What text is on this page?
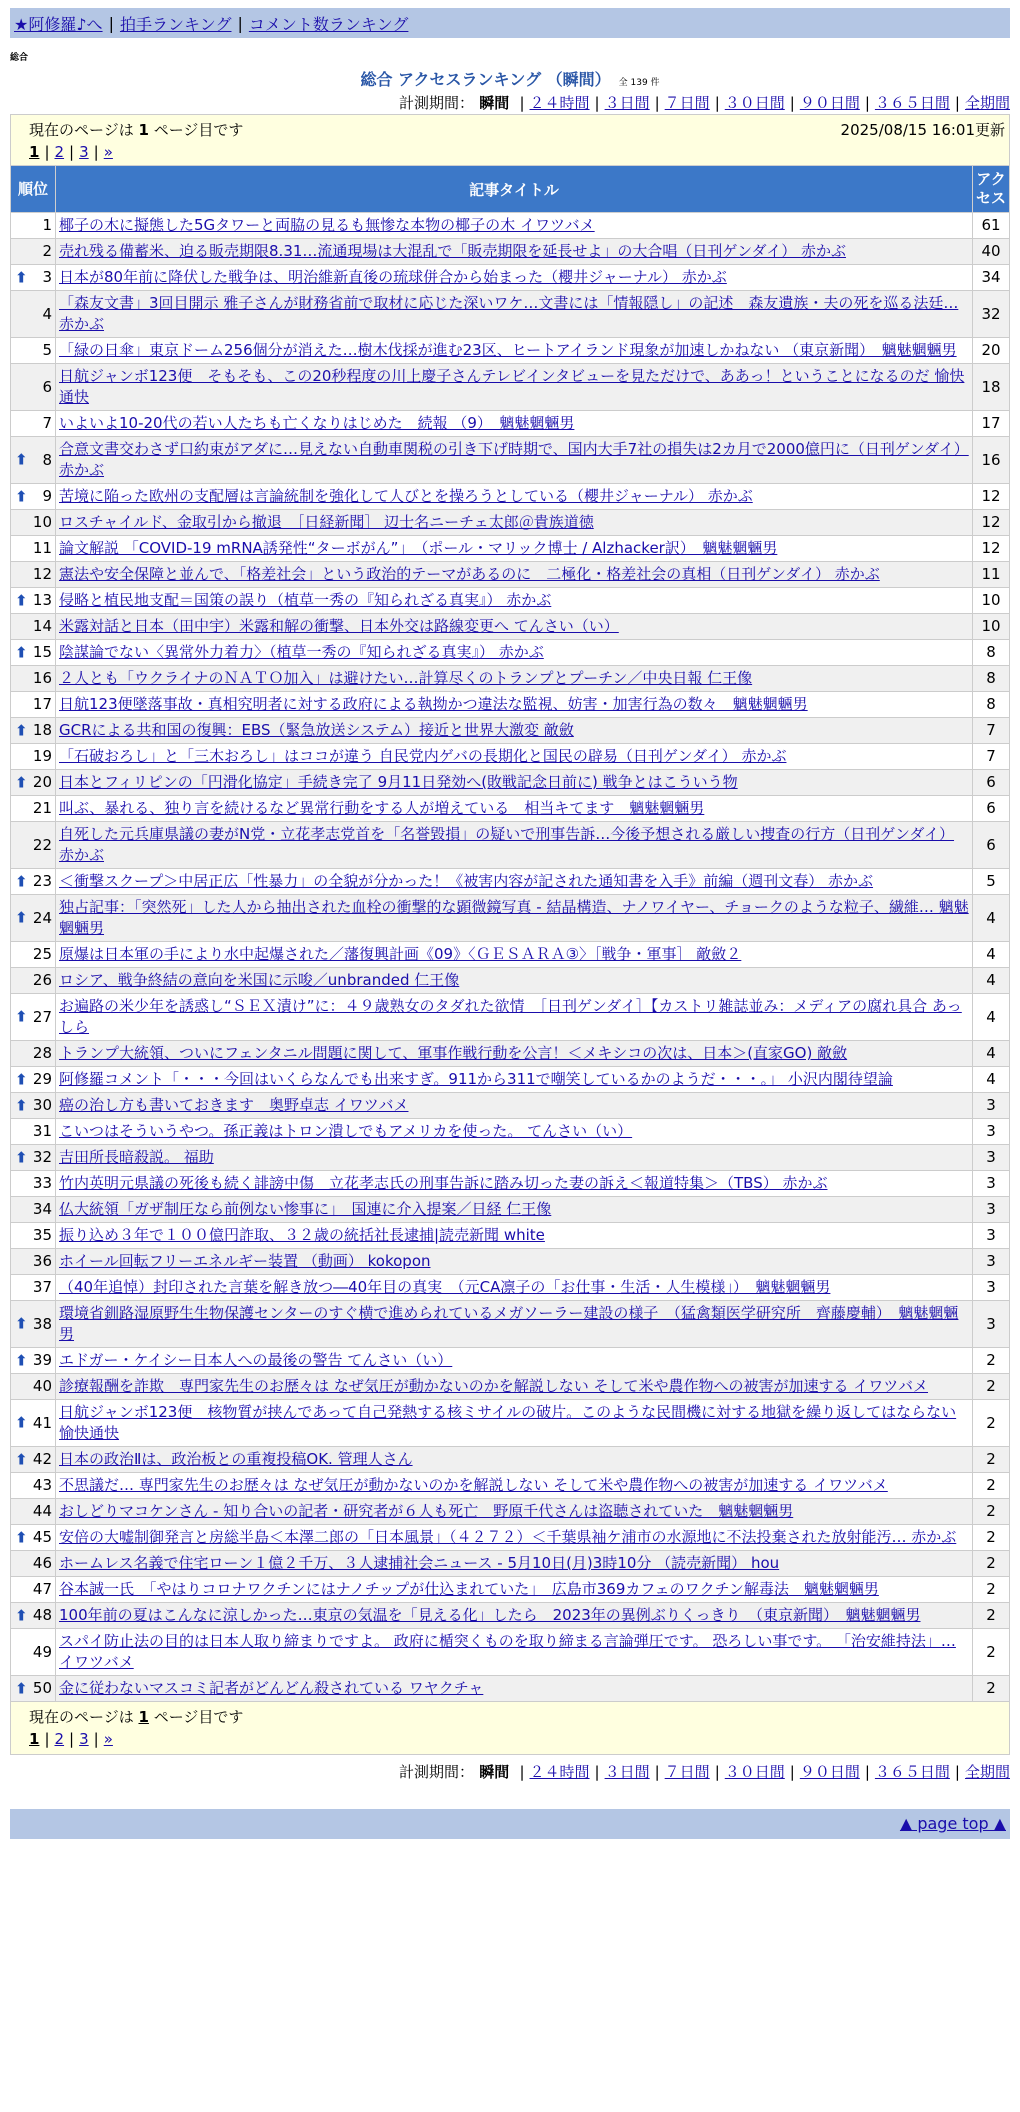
★阿修羅♪へ | 拍手ランキング | コメント数ランキング
総合
総合 アクセスランキング （瞬間） 全 139 件
計測期間： 瞬間 | ２４時間 | ３日間 | ７日間 | ３０日間 | ９０日間 | ３６５日間 | 全期間
現在のページは 1 ページ目です	2025/08/15 16:01更新
1 | 2 | 3 | »
順位	記事タイトル	アク
セス
1	椰子の木に擬態した5Gタワーと両脇の見るも無惨な本物の椰子の木 イワツバメ	61
2	売れ残る備蓄米、迫る販売期限8.31…流通現場は大混乱で「販売期限を延長せよ」の大合唱（日刊ゲンダイ） 赤かぶ	40

⬆ 3	日本が80年前に降伏した戦争は、明治維新直後の琉球併合から始まった（櫻井ジャーナル） 赤かぶ	34
4	「森友文書」3回目開示 雅子さんが財務省前で取材に応じた深いワケ…文書には「情報隠し」の記述　森友遺族・夫の死を巡る法廷… 赤かぶ	32
5	「緑の日傘」東京ドーム256個分が消えた…樹木伐採が進む23区、ヒートアイランド現象が加速しかねない （東京新聞）　魑魅魍魎男	20
6	日航ジャンボ123便　そもそも、この20秒程度の川上慶子さんテレビインタビューを見ただけで、ああっ！ということになるのだ 愉快通快	18
7	いよいよ10-20代の若い人たちも亡くなりはじめた　続報 （9）　魑魅魍魎男	17

⬆ 8	合意文書交わさず口約束がアダに…見えない自動車関税の引き下げ時期で、国内大手7社の損失は2カ月で2000億円に（日刊ゲンダイ） 赤かぶ	16

⬆ 9	苦境に陥った欧州の支配層は言論統制を強化して人びとを操ろうとしている（櫻井ジャーナル） 赤かぶ	12
10	ロスチャイルド、金取引から撤退　［日経新聞］ 辺士名ニーチェ太郎＠貴族道徳	12
11	論文解説 「COVID-19 mRNA誘発性“ターボがん”」　（ポール・マリック博士 / Alzhacker訳）　魑魅魍魎男	12
12	憲法や安全保障と並んで、「格差社会」という政治的テーマがあるのに　二極化・格差社会の真相（日刊ゲンダイ） 赤かぶ	11

⬆ 13	侵略と植民地支配＝国策の誤り（植草一秀の『知られざる真実』） 赤かぶ	10
14	米露対話と日本（田中宇）米露和解の衝撃、日本外交は路線変更へ てんさい（い）	10

⬆ 15	陰謀論でない〈異常外力着力〉（植草一秀の『知られざる真実』） 赤かぶ	8
16	２人とも「ウクライナのＮＡＴＯ加入」は避けたい…計算尽くのトランプとプーチン／中央日報 仁王像	8
17	日航123便墜落事故・真相究明者に対する政府による執拗かつ違法な監視、妨害・加害行為の数々　魑魅魍魎男	8

⬆ 18	GCRによる共和国の復興：EBS（緊急放送システム）接近と世界大激変 敵斂	7
19	「石破おろし」と「三木おろし」はココが違う 自民党内ゲバの長期化と国民の辟易（日刊ゲンダイ） 赤かぶ	7

⬆ 20	日本とフィリピンの「円滑化協定」手続き完了 9月11日発効へ(敗戦記念日前に) 戦争とはこういう物	6
21	叫ぶ、暴れる、独り言を続けるなど異常行動をする人が増えている　相当キてます　魑魅魍魎男	6
22	自死した元兵庫県議の妻がN党・立花孝志党首を「名誉毀損」の疑いで刑事告訴…今後予想される厳しい捜査の行方（日刊ゲンダイ） 赤かぶ	6

⬆ 23	＜衝撃スクープ＞中居正広「性暴力」の全貌が分かった！《被害内容が記された通知書を入手》前編（週刊文春） 赤かぶ	5

⬆ 24	独占記事：「突然死」した人から抽出された血栓の衝撃的な顕微鏡写真 - 結晶構造、ナノワイヤー、チョークのような粒子、繊維… 魑魅魍魎男	4
25	原爆は日本軍の手により水中起爆された／藩復興計画《09》〈ＧＥＳＡＲＡ③〉［戦争・軍事］ 敵斂２	4
26	ロシア、戦争終結の意向を米国に示唆／unbranded 仁王像	4

⬆ 27	お遍路の米少年を誘惑し“ＳＥＸ漬け”に：４９歳熟女のタダれた欲情　［日刊ゲンダイ］【カストリ雑誌並み：メディアの腐れ具合 あっしら	4
28	トランプ大統領、ついにフェンタニル問題に関して、軍事作戦行動を公言！＜メキシコの次は、日本＞(直家GO) 敵斂	4

⬆ 29	阿修羅コメント「・・・今回はいくらなんでも出来すぎ。911から311で嘲笑しているかのようだ・・・。」 小沢内閣待望論	4

⬆ 30	癌の治し方も書いておきます　奥野卓志 イワツバメ	3
31	こいつはそういうやつ。孫正義はトロン潰しでもアメリカを使った。 てんさい（い）	3

⬆ 32	吉田所長暗殺説。 福助	3
33	竹内英明元県議の死後も続く誹謗中傷　立花孝志氏の刑事告訴に踏み切った妻の訴え＜報道特集＞（TBS） 赤かぶ	3
34	仏大統領「ガザ制圧なら前例ない惨事に」　国連に介入提案／日経 仁王像	3
35	振り込め３年で１００億円詐取、３２歳の統括社長逮捕|読売新聞 white	3
36	ホイール回転フリーエネルギー装置 （動画） kokopon	3
37	（40年追悼）封印された言葉を解き放つ―40年目の真実　（元CA凛子の「お仕事・生活・人生模様」）　魑魅魍魎男	3

⬆ 38	環境省釧路湿原野生生物保護センターのすぐ横で進められているメガソーラー建設の様子　（猛禽類医学研究所　齊藤慶輔）　魑魅魍魎男	3

⬆ 39	エドガー・ケイシー日本人への最後の警告 てんさい（い）	2
40	診療報酬を詐欺　専門家先生のお歴々は なぜ気圧が動かないのかを解説しない そして米や農作物への被害が加速する イワツバメ	2

⬆ 41	日航ジャンボ123便　核物質が挟んであって自己発熱する核ミサイルの破片。このような民間機に対する地獄を繰り返してはならない 愉快通快	2

⬆ 42	日本の政治Ⅱは、政治板との重複投稿OK. 管理人さん	2
43	不思議だ… 専門家先生のお歴々は なぜ気圧が動かないのかを解説しない そして米や農作物への被害が加速する イワツバメ	2
44	おしどりマコケンさん - 知り合いの記者・研究者が６人も死亡　野原千代さんは盗聴されていた　魑魅魍魎男	2

⬆ 45	安倍の大嘘制御発言と房総半島＜本澤二郎の「日本風景」（４２７２）＜千葉県袖ケ浦市の水源地に不法投棄された放射能汚… 赤かぶ	2
46	ホームレス名義で住宅ローン１億２千万、３人逮捕社会ニュース - 5月10日(月)3時10分 （読売新聞） hou	2
47	谷本誠一氏　「やはりコロナワクチンにはナノチップが仕込まれていた」　広島市369カフェのワクチン解毒法　魑魅魍魎男	2

⬆ 48	100年前の夏はこんなに涼しかった…東京の気温を「見える化」したら　2023年の異例ぶりくっきり　（東京新聞）　魑魅魍魎男	2
49	スパイ防止法の目的は日本人取り締まりですよ。 政府に楯突くものを取り締まる言論弾圧です。 恐ろしい事です。 「治安維持法」… イワツバメ	2

⬆ 50	金に従わないマスコミ記者がどんどん殺されている ワヤクチャ	2
現在のページは 1 ページ目です
1 | 2 | 3 | »
計測期間： 瞬間 | ２４時間 | ３日間 | ７日間 | ３０日間 | ９０日間 | ３６５日間 | 全期間
▲ page top ▲
